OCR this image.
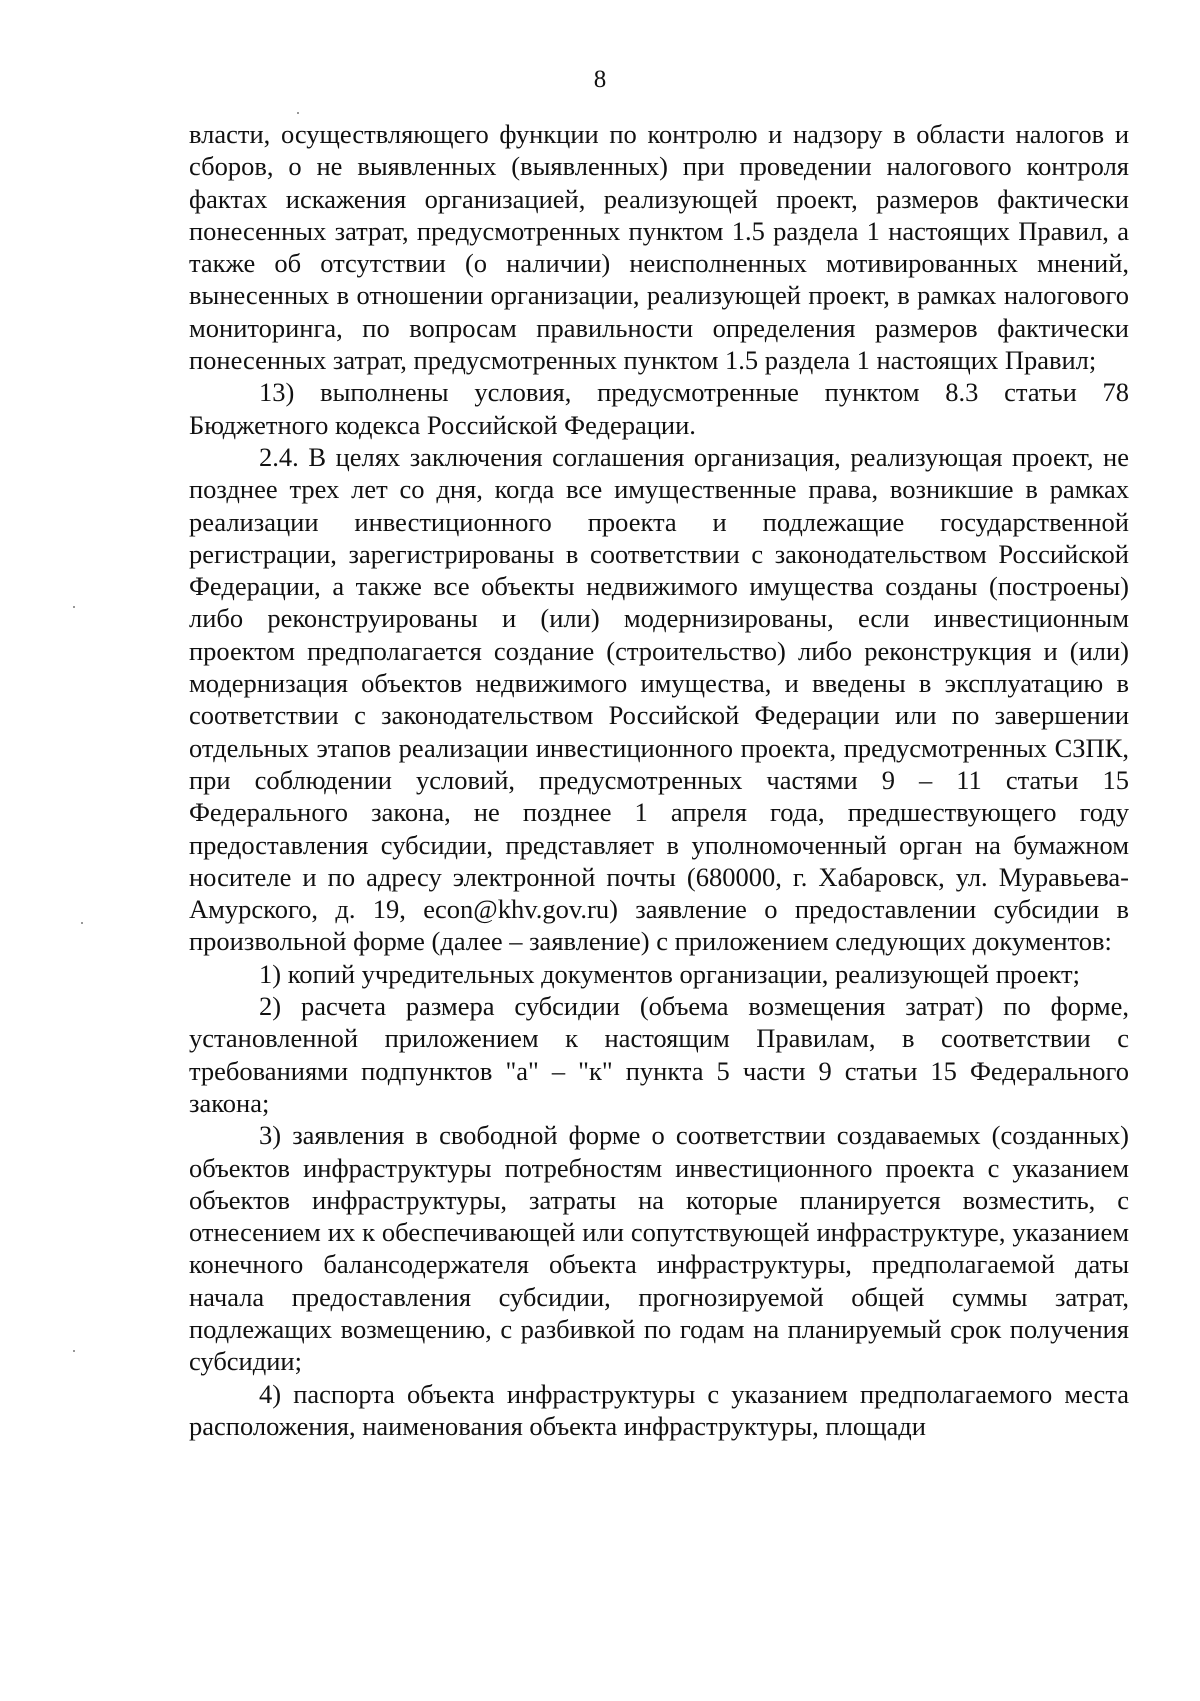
8

власти, осуществляющего функции по контролю и надзору в области налогов и сборов, о не выявленных (выявленных) при проведении налогового контроля фактах искажения организацией, реализующей проект, размеров фактически понесенных затрат, предусмотренных пунктом 1.5 раздела 1 настоящих Правил, а также об отсутствии (о наличии) неисполненных мотивированных мнений, вынесенных в отношении организации, реализующей проект, в рамках налогового мониторинга, по вопросам правильности определения размеров фактически понесенных затрат, предусмотренных пунктом 1.5 раздела 1 настоящих Правил;

13) выполнены условия, предусмотренные пунктом 8.3 статьи 78 Бюджетного кодекса Российской Федерации.

2.4. В целях заключения соглашения организация, реализующая проект, не позднее трех лет со дня, когда все имущественные права, возникшие в рамках реализации инвестиционного проекта и подлежащие государственной регистрации, зарегистрированы в соответствии с законодательством Российской Федерации, а также все объекты недвижимого имущества созданы (построены) либо реконструированы и (или) модернизированы, если инвестиционным проектом предполагается создание (строительство) либо реконструкция и (или) модернизация объектов недвижимого имущества, и введены в эксплуатацию в соответствии с законодательством Российской Федерации или по завершении отдельных этапов реализации инвестиционного проекта, предусмотренных СЗПК, при соблюдении условий, предусмотренных частями 9 – 11 статьи 15 Федерального закона, не позднее 1 апреля года, предшествующего году предоставления субсидии, представляет в уполномоченный орган на бумажном носителе и по адресу электронной почты (680000, г. Хабаровск, ул. Муравьева-Амурского, д. 19, econ@khv.gov.ru) заявление о предоставлении субсидии в произвольной форме (далее – заявление) с приложением следующих документов:

1) копий учредительных документов организации, реализующей проект;

2) расчета размера субсидии (объема возмещения затрат) по форме, установленной приложением к настоящим Правилам, в соответствии с требованиями подпунктов "а" – "к" пункта 5 части 9 статьи 15 Федерального закона;

3) заявления в свободной форме о соответствии создаваемых (созданных) объектов инфраструктуры потребностям инвестиционного проекта с указанием объектов инфраструктуры, затраты на которые планируется возместить, с отнесением их к обеспечивающей или сопутствующей инфраструктуре, указанием конечного балансодержателя объекта инфраструктуры, предполагаемой даты начала предоставления субсидии, прогнозируемой общей суммы затрат, подлежащих возмещению, с разбивкой по годам на планируемый срок получения субсидии;

4) паспорта объекта инфраструктуры с указанием предполагаемого места расположения, наименования объекта инфраструктуры, площади
